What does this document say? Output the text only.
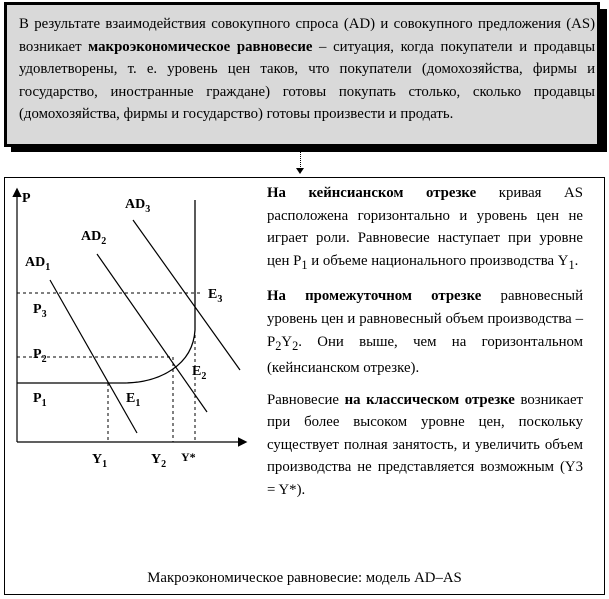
В результате взаимодействия совокупного спроса (AD) и совокупного предложения (AS) возникает макроэкономическое равновесие – ситуация, когда покупатели и продавцы удовлетворены, т. е. уровень цен таков, что покупатели (домохозяйства, фирмы и государство, иностранные граждане) готовы покупать столько, сколько продавцы (домохозяйства, фирмы и государство) готовы произвести и продать.
P
$AD_1$
$AD_2$
$AD_3$
$P_3$
$P_2$
$P_1$
$E_3$
$E_2$
$E_1$
$Y_1$	$Y_2$
Y*

На кейнсианском отрезке кривая AS расположена горизонтально и уровень цен не играет роли. Равновесие наступает при уровне цен $P_1$ и объеме национального производства $Y_1$.

На промежуточном отрезке равновесный уровень цен и равновесный объем производства – $P_2Y_2$. Они выше, чем на горизонтальном (кейнсианском отрезке).

Равновесие на классическом отрезке возникает при более высоком уровне цен, поскольку существует полная занятость, и увеличить объем производства не представляется возможным (Y3 = Y*).

Макроэкономическое равновесие: модель AD–AS
